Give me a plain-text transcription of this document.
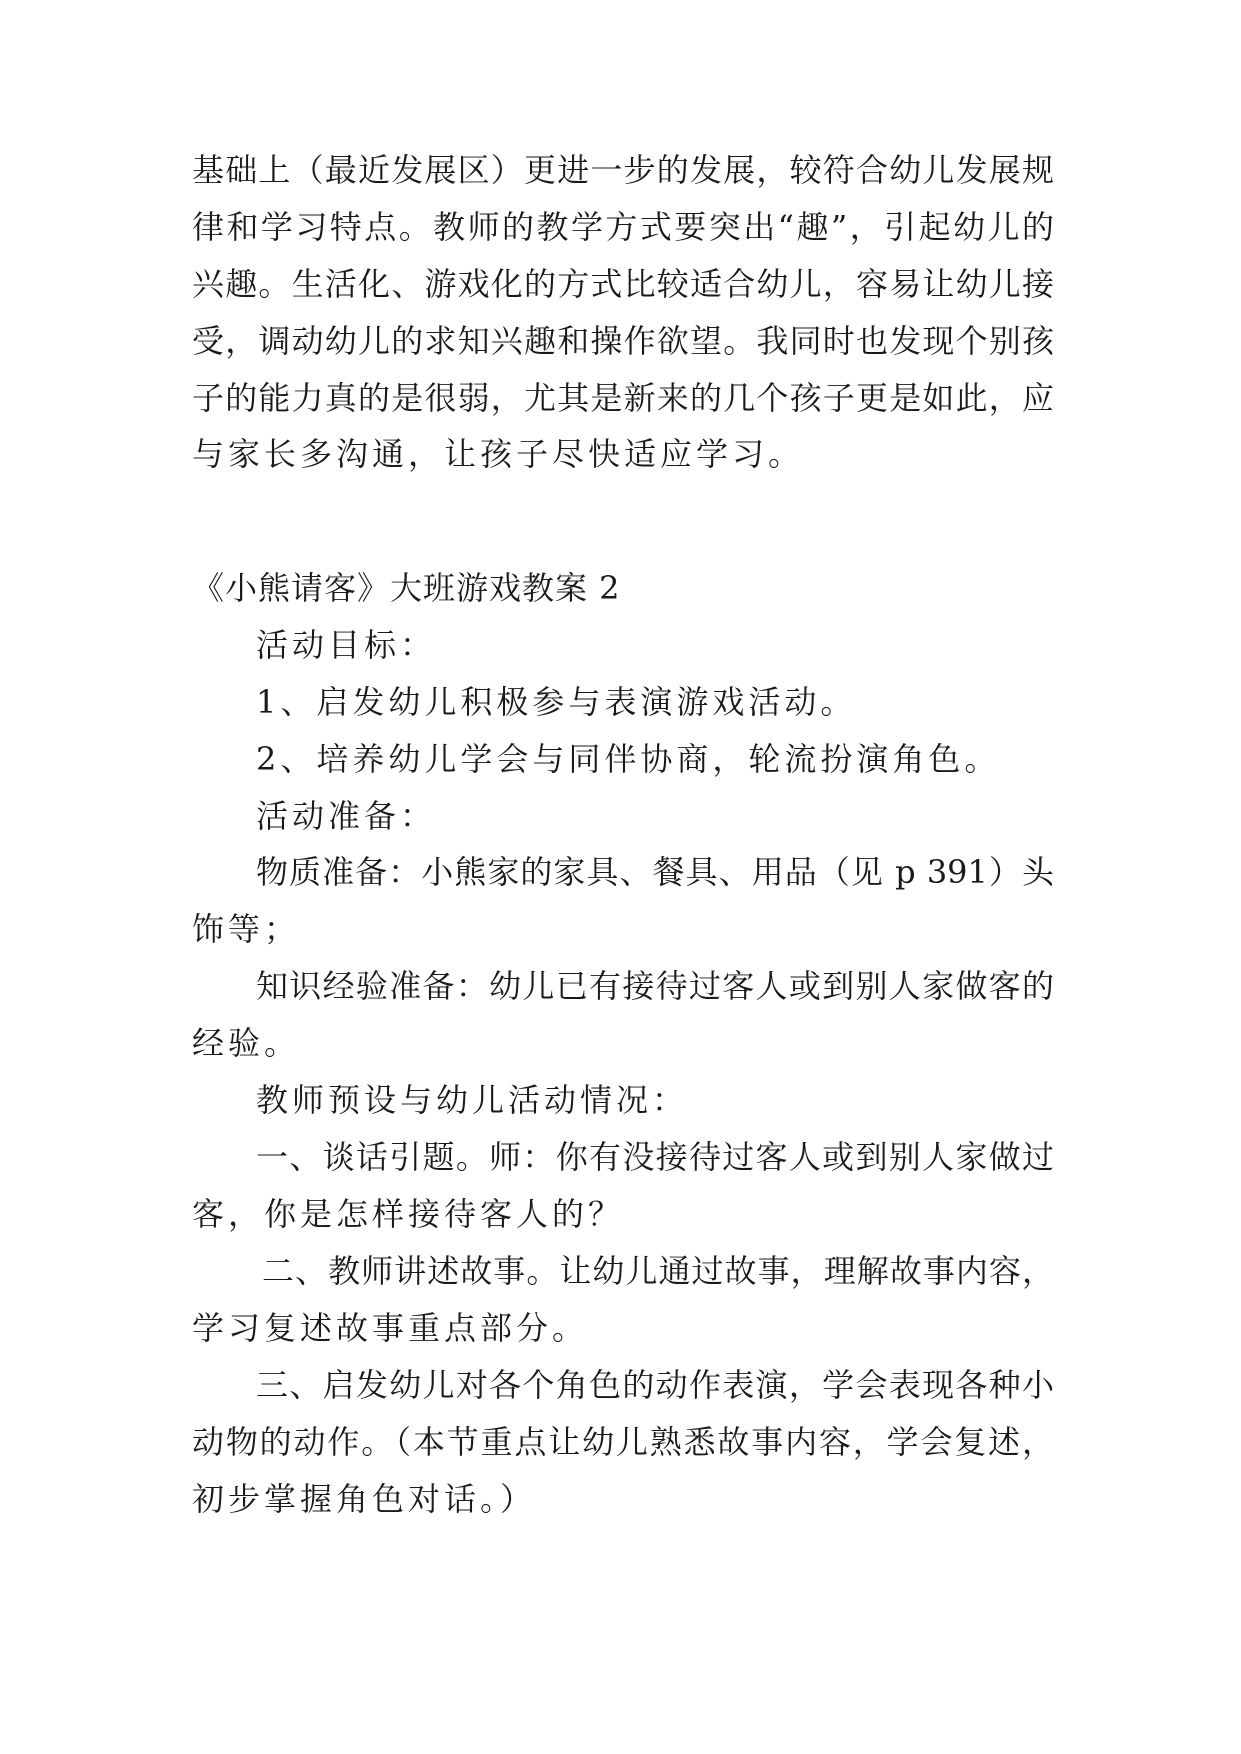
基础上（最近发展区）更进一步的发展，较符合幼儿发展规
律和学习特点。教师的教学方式要突出“趣”，引起幼儿的
兴趣。生活化、游戏化的方式比较适合幼儿，容易让幼儿接
受，调动幼儿的求知兴趣和操作欲望。我同时也发现个别孩
子的能力真的是很弱，尤其是新来的几个孩子更是如此，应
与家长多沟通，让孩子尽快适应学习。
《小熊请客》大班游戏教案 2
活动目标：
1、启发幼儿积极参与表演游戏活动。
2、培养幼儿学会与同伴协商，轮流扮演角色。
活动准备：
物质准备：小熊家的家具、餐具、用品（见 p 391）头
饰等；
知识经验准备：幼儿已有接待过客人或到别人家做客的
经验。
教师预设与幼儿活动情况：
一、谈话引题。师：你有没接待过客人或到别人家做过
客，你是怎样接待客人的？
二、教师讲述故事。让幼儿通过故事，理解故事内容，
学习复述故事重点部分。
三、启发幼儿对各个角色的动作表演，学会表现各种小
动物的动作。（本节重点让幼儿熟悉故事内容，学会复述，
初步掌握角色对话。）
